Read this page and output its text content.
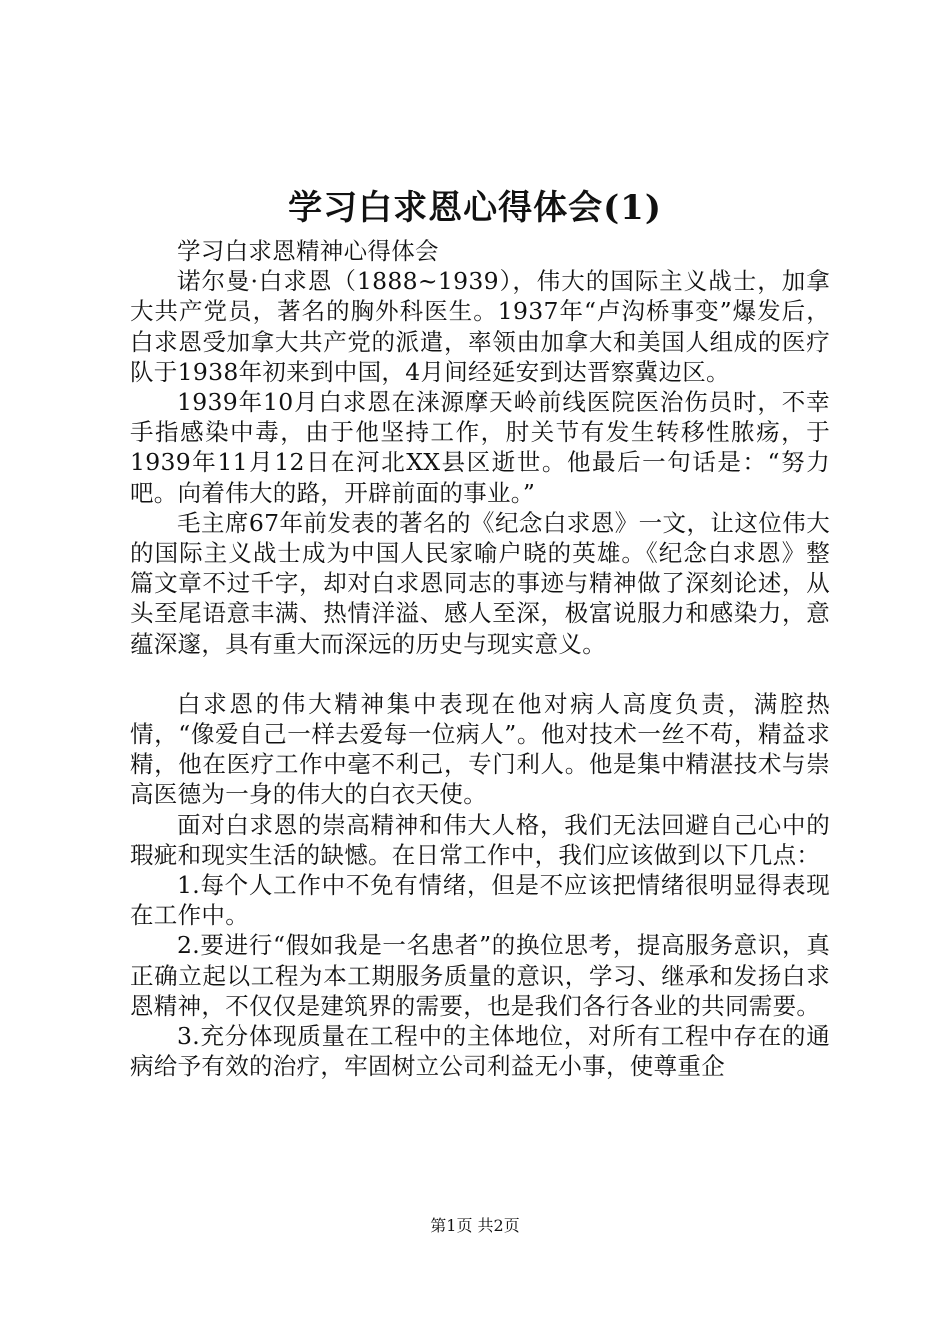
学习白求恩心得体会(1)

学习白求恩精神心得体会

诺尔曼·白求恩（1888~1939），伟大的国际主义战士，加拿大共产党员，著名的胸外科医生。1937年“卢沟桥事变”爆发后，白求恩受加拿大共产党的派遣，率领由加拿大和美国人组成的医疗队于1938年初来到中国，4月间经延安到达晋察冀边区。

1939年10月白求恩在涞源摩天岭前线医院医治伤员时，不幸手指感染中毒，由于他坚持工作，肘关节有发生转移性脓疡，于1939年11月12日在河北XX县区逝世。他最后一句话是：“努力吧。向着伟大的路，开辟前面的事业。”

毛主席67年前发表的著名的《纪念白求恩》一文，让这位伟大的国际主义战士成为中国人民家喻户晓的英雄。《纪念白求恩》整篇文章不过千字，却对白求恩同志的事迹与精神做了深刻论述，从头至尾语意丰满、热情洋溢、感人至深，极富说服力和感染力，意蕴深邃，具有重大而深远的历史与现实意义。

白求恩的伟大精神集中表现在他对病人高度负责，满腔热情，“像爱自己一样去爱每一位病人”。他对技术一丝不苟，精益求精，他在医疗工作中毫不利己，专门利人。他是集中精湛技术与崇高医德为一身的伟大的白衣天使。

面对白求恩的崇高精神和伟大人格，我们无法回避自己心中的瑕疵和现实生活的缺憾。在日常工作中，我们应该做到以下几点：

1.每个人工作中不免有情绪，但是不应该把情绪很明显得表现在工作中。

2.要进行“假如我是一名患者”的换位思考，提高服务意识，真正确立起以工程为本工期服务质量的意识，学习、继承和发扬白求恩精神，不仅仅是建筑界的需要，也是我们各行各业的共同需要。

3.充分体现质量在工程中的主体地位，对所有工程中存在的通病给予有效的治疗，牢固树立公司利益无小事，使尊重企

第1页 共2页
